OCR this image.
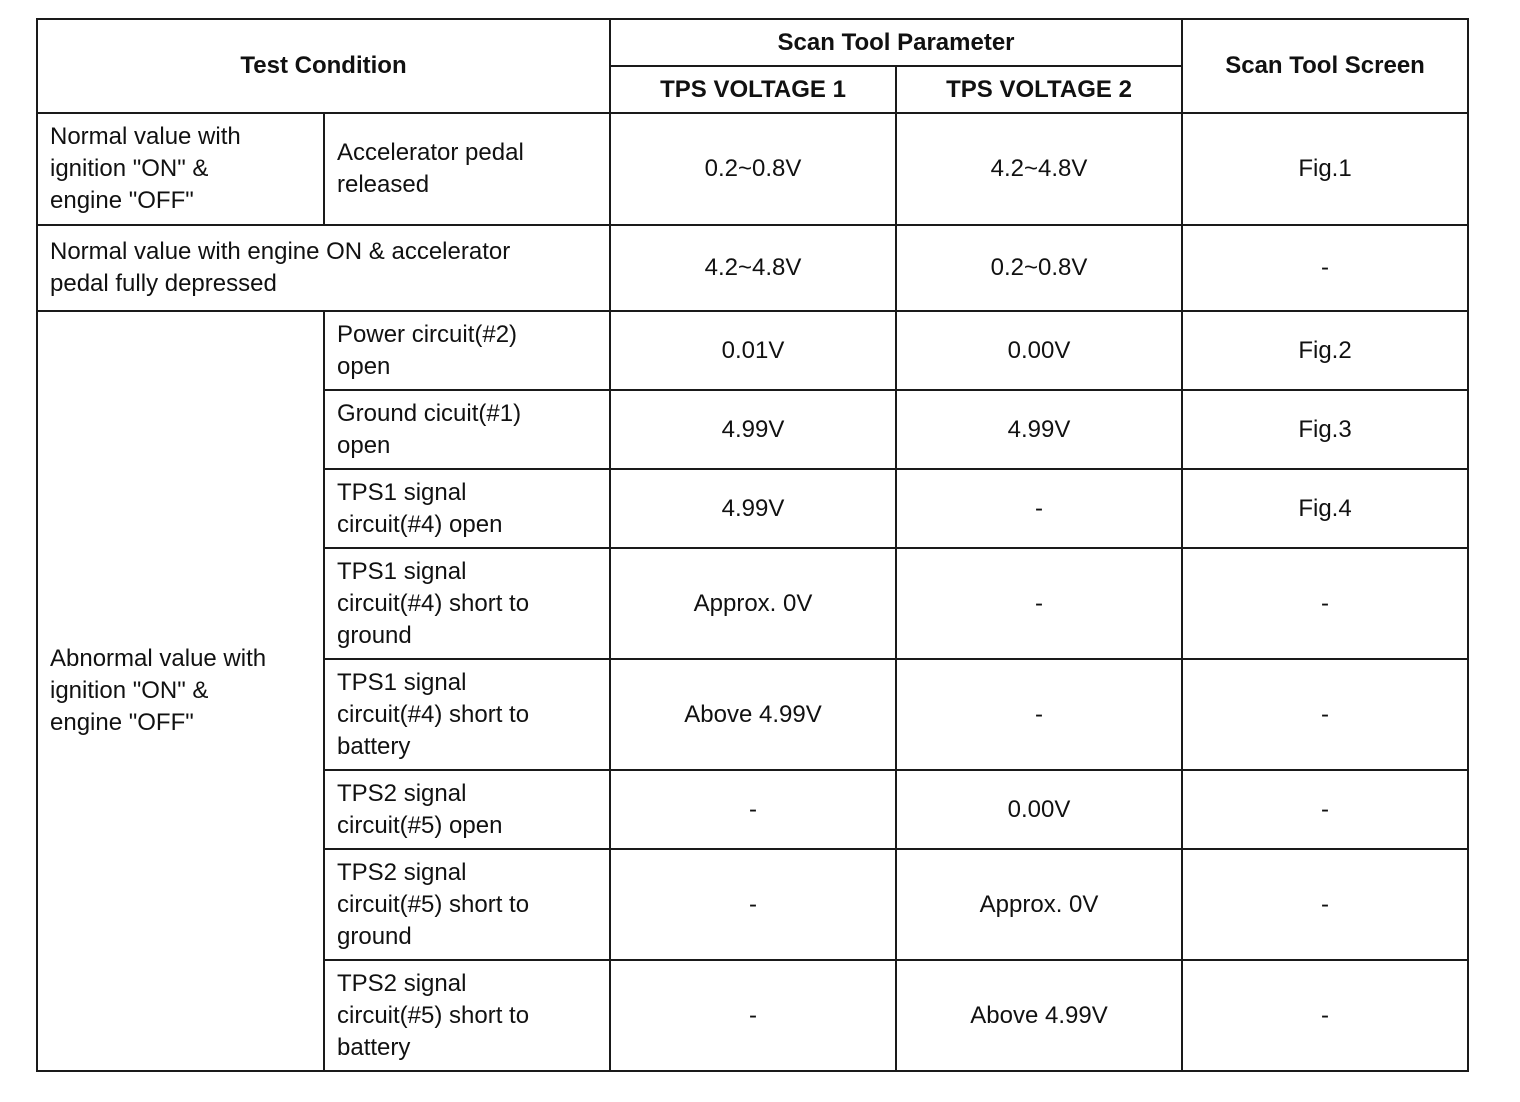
Test Condition		Scan Tool Parameter		Scan Tool Screen
		TPS VOLTAGE 1	TPS VOLTAGE 2	
Normal value with
ignition "ON" &
engine "OFF"	Accelerator pedal
released	0.2~0.8V	4.2~4.8V	Fig.1
Normal value with engine ON & accelerator
pedal fully depressed		4.2~4.8V	0.2~0.8V	-
Abnormal value with
ignition "ON" &
engine "OFF"	Power circuit(#2)
open	0.01V	0.00V	Fig.2
	Ground cicuit(#1)
open	4.99V	4.99V	Fig.3
	TPS1 signal
circuit(#4) open	4.99V	-	Fig.4
	TPS1 signal
circuit(#4) short to
ground	Approx. 0V	-	-
	TPS1 signal
circuit(#4) short to
battery	Above 4.99V	-	-
	TPS2 signal
circuit(#5) open	-	0.00V	-
	TPS2 signal
circuit(#5) short to
ground	-	Approx. 0V	-
	TPS2 signal
circuit(#5) short to
battery	-	Above 4.99V	-
